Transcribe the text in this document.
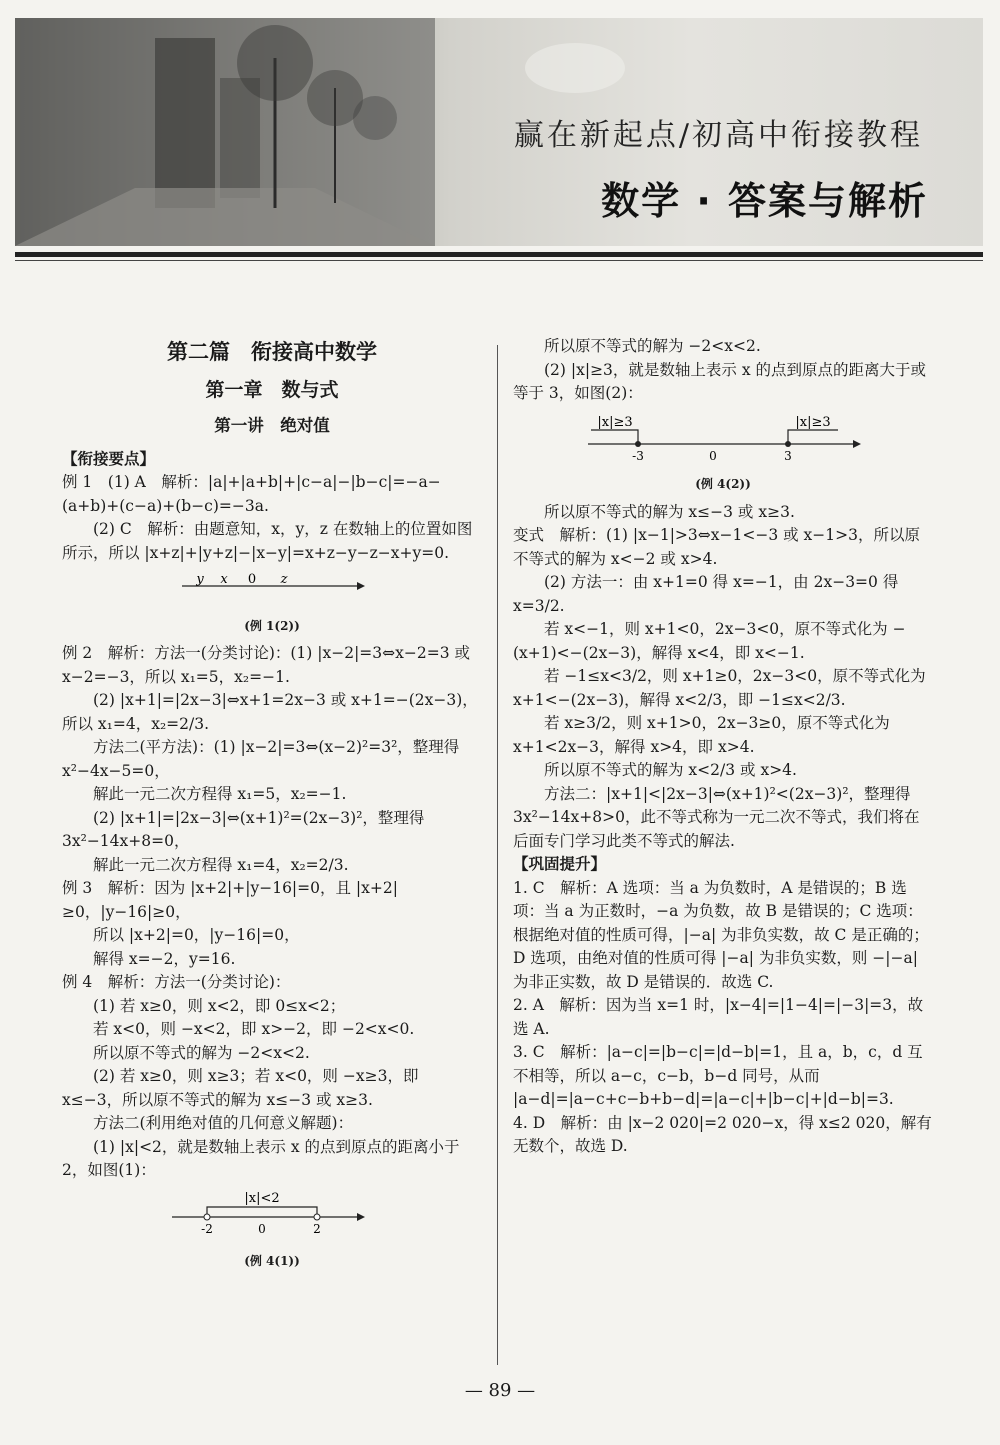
赢在新起点/初高中衔接教程
数学 · 答案与解析
第二篇　衔接高中数学
第一章　数与式
第一讲　绝对值

【衔接要点】

例 1　(1) A　解析：|a|+|a+b|+|c−a|−|b−c|=−a−(a+b)+(c−a)+(b−c)=−3a.

(2) C　解析：由题意知，x，y，z 在数轴上的位置如图所示，所以 |x+z|+|y+z|−|x−y|=x+z−y−z−x+y=0.

y x 0 z

(例 1(2))

例 2　解析：方法一(分类讨论)：(1) |x−2|=3⇔x−2=3 或 x−2=−3，所以 x₁=5，x₂=−1.

(2) |x+1|=|2x−3|⇔x+1=2x−3 或 x+1=−(2x−3)，所以 x₁=4，x₂=2/3.

方法二(平方法)：(1) |x−2|=3⇔(x−2)²=3²，整理得 x²−4x−5=0，

解此一元二次方程得 x₁=5，x₂=−1.

(2) |x+1|=|2x−3|⇔(x+1)²=(2x−3)²，整理得 3x²−14x+8=0，

解此一元二次方程得 x₁=4，x₂=2/3.

例 3　解析：因为 |x+2|+|y−16|=0，且 |x+2|≥0，|y−16|≥0，

所以 |x+2|=0，|y−16|=0，

解得 x=−2，y=16.

例 4　解析：方法一(分类讨论)：

(1) 若 x≥0，则 x<2，即 0≤x<2；

若 x<0，则 −x<2，即 x>−2，即 −2<x<0.

所以原不等式的解为 −2<x<2.

(2) 若 x≥0，则 x≥3；若 x<0，则 −x≥3，即 x≤−3，所以原不等式的解为 x≤−3 或 x≥3.

方法二(利用绝对值的几何意义解题)：

(1) |x|<2，就是数轴上表示 x 的点到原点的距离小于 2，如图(1)：

|x|<2
-2	0	2

(例 4(1))

所以原不等式的解为 −2<x<2.

(2) |x|≥3，就是数轴上表示 x 的点到原点的距离大于或等于 3，如图(2)：

|x|≥3	|x|≥3
-3	0	3

(例 4(2))

所以原不等式的解为 x≤−3 或 x≥3.

变式　解析：(1) |x−1|>3⇔x−1<−3 或 x−1>3，所以原不等式的解为 x<−2 或 x>4.

(2) 方法一：由 x+1=0 得 x=−1，由 2x−3=0 得 x=3/2.

若 x<−1，则 x+1<0，2x−3<0，原不等式化为 −(x+1)<−(2x−3)，解得 x<4，即 x<−1.

若 −1≤x<3/2，则 x+1≥0，2x−3<0，原不等式化为 x+1<−(2x−3)，解得 x<2/3，即 −1≤x<2/3.

若 x≥3/2，则 x+1>0，2x−3≥0，原不等式化为 x+1<2x−3，解得 x>4，即 x>4.

所以原不等式的解为 x<2/3 或 x>4.

方法二：|x+1|<|2x−3|⇔(x+1)²<(2x−3)²，整理得 3x²−14x+8>0，此不等式称为一元二次不等式，我们将在后面专门学习此类不等式的解法.

【巩固提升】

1. C　解析：A 选项：当 a 为负数时，A 是错误的；B 选项：当 a 为正数时，−a 为负数，故 B 是错误的；C 选项：根据绝对值的性质可得，|−a| 为非负实数，故 C 是正确的；D 选项，由绝对值的性质可得 |−a| 为非负实数，则 −|−a| 为非正实数，故 D 是错误的．故选 C.

2. A　解析：因为当 x=1 时，|x−4|=|1−4|=|−3|=3，故选 A.

3. C　解析：|a−c|=|b−c|=|d−b|=1，且 a，b，c，d 互不相等，所以 a−c，c−b，b−d 同号，从而 |a−d|=|a−c+c−b+b−d|=|a−c|+|b−c|+|d−b|=3.

4. D　解析：由 |x−2 020|=2 020−x，得 x≤2 020，解有无数个，故选 D.

— 89 —
